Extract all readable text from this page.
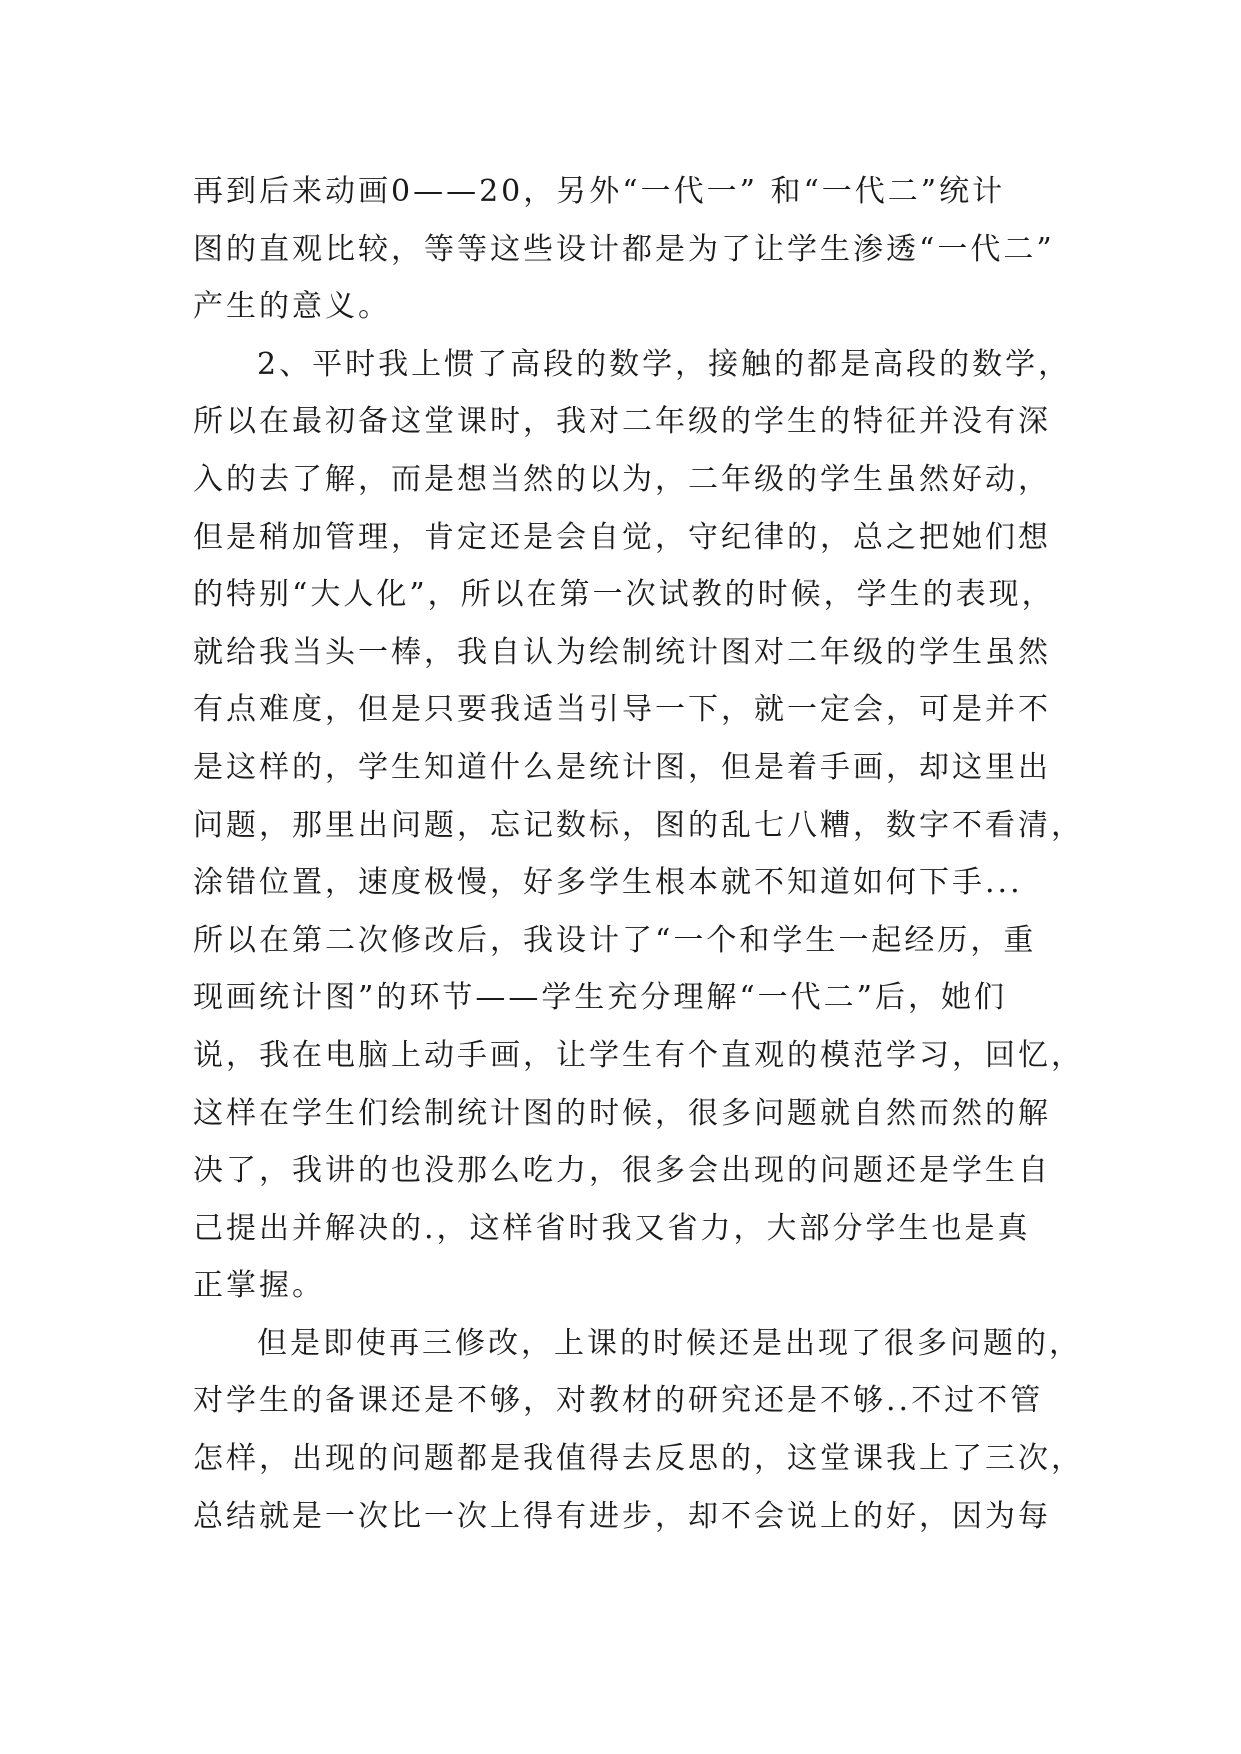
再到后来动画0——20，另外“一代一” 和“一代二”统计
图的直观比较，等等这些设计都是为了让学生渗透“一代二”
产生的意义。
2、平时我上惯了高段的数学，接触的都是高段的数学，
所以在最初备这堂课时，我对二年级的学生的特征并没有深
入的去了解，而是想当然的以为，二年级的学生虽然好动，
但是稍加管理，肯定还是会自觉，守纪律的，总之把她们想
的特别“大人化”，所以在第一次试教的时候，学生的表现，
就给我当头一棒，我自认为绘制统计图对二年级的学生虽然
有点难度，但是只要我适当引导一下，就一定会，可是并不
是这样的，学生知道什么是统计图，但是着手画，却这里出
问题，那里出问题，忘记数标，图的乱七八糟，数字不看清，
涂错位置，速度极慢，好多学生根本就不知道如何下手...
所以在第二次修改后，我设计了“一个和学生一起经历，重
现画统计图”的环节——学生充分理解“一代二”后，她们
说，我在电脑上动手画，让学生有个直观的模范学习，回忆，
这样在学生们绘制统计图的时候，很多问题就自然而然的解
决了，我讲的也没那么吃力，很多会出现的问题还是学生自
己提出并解决的.，这样省时我又省力，大部分学生也是真
正掌握。
但是即使再三修改，上课的时候还是出现了很多问题的，
对学生的备课还是不够，对教材的研究还是不够..不过不管
怎样，出现的问题都是我值得去反思的，这堂课我上了三次，
总结就是一次比一次上得有进步，却不会说上的好，因为每
